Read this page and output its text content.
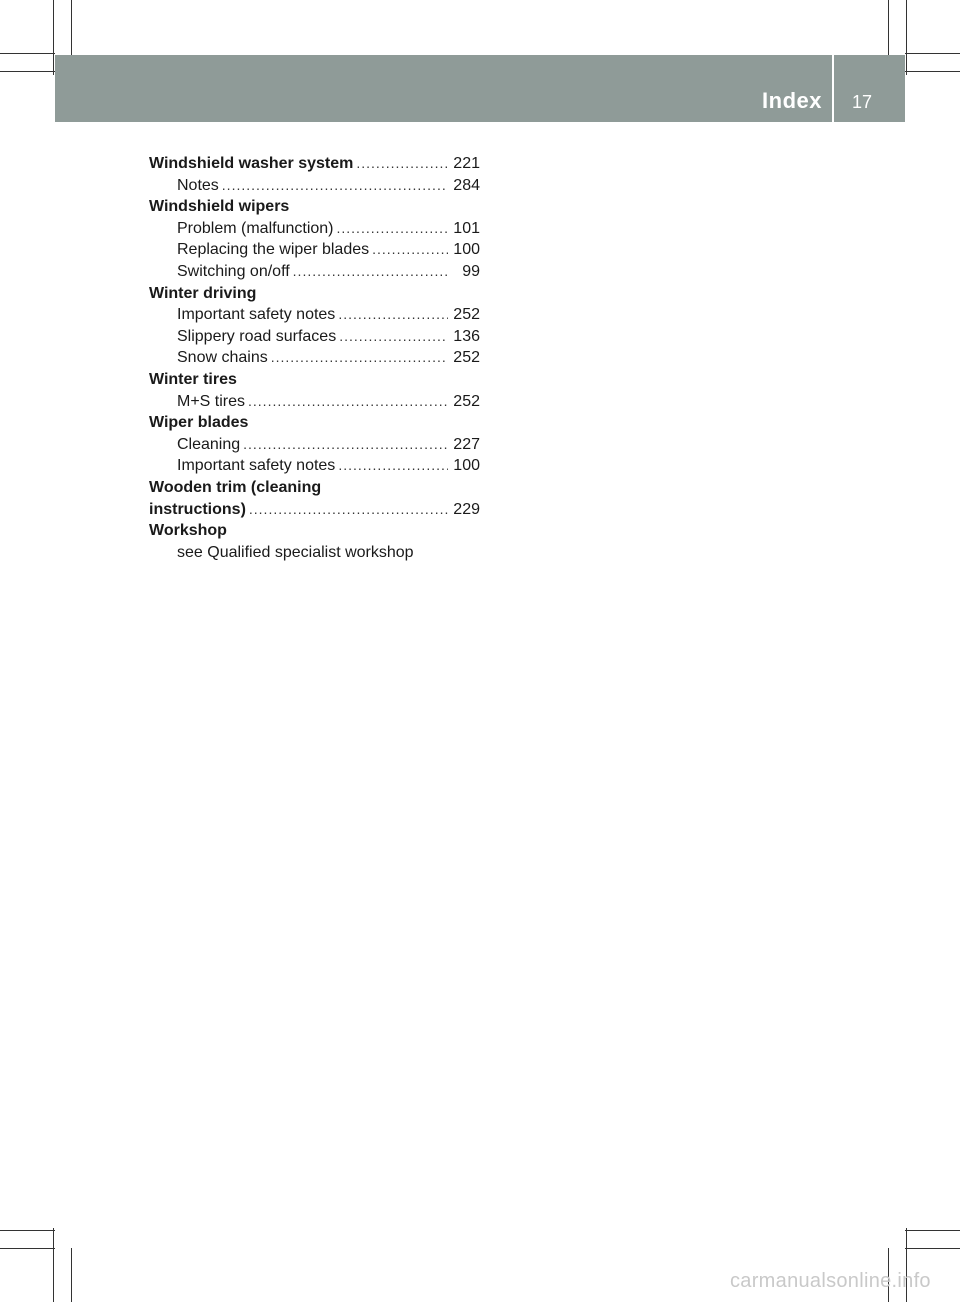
Index 17
Windshield washer system .....	221
Notes .....	284
Windshield wipers
Problem (malfunction) .....	101
Replacing the wiper blades .....	100
Switching on/off .....	99
Winter driving
Important safety notes .....	252
Slippery road surfaces .....	136
Snow chains .....	252
Winter tires
M+S tires .....	252
Wiper blades
Cleaning .....	227
Important safety notes .....	100
Wooden trim (cleaning
instructions) .....	229
Workshop
see Qualified specialist workshop
carmanualsonline.info
